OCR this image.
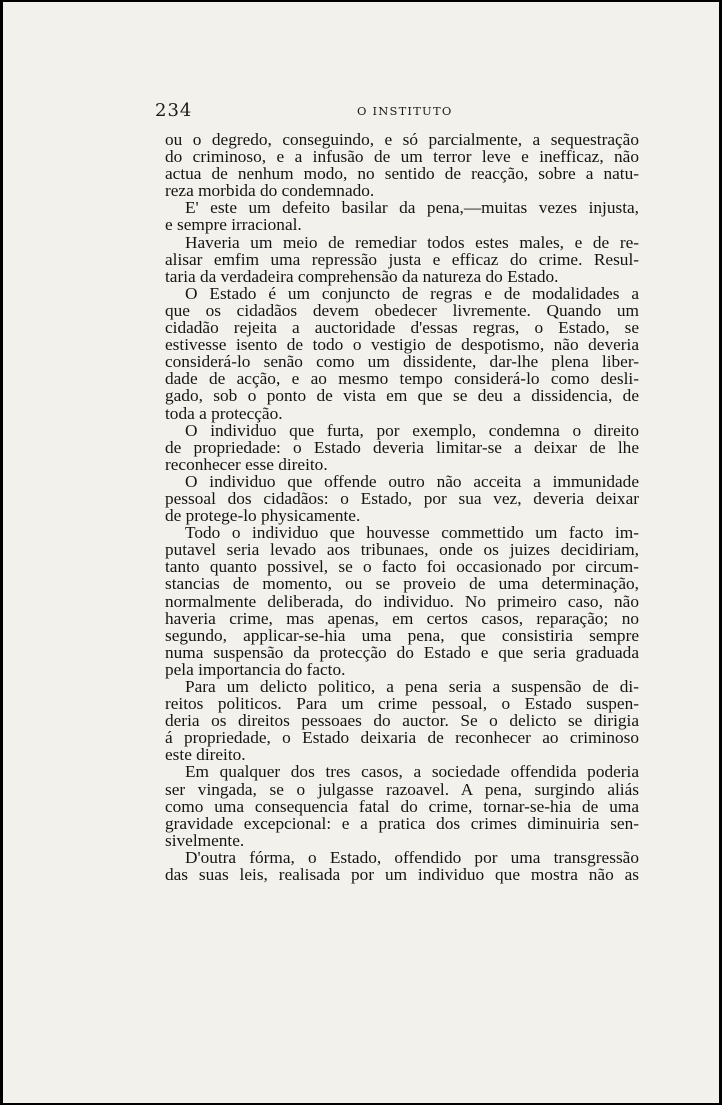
234	O INSTITUTO
ou o degredo, conseguindo, e só parcialmente, a sequestração
do criminoso, e a infusão de um terror leve e inefficaz, não
actua de nenhum modo, no sentido de reacção, sobre a natu-
reza morbida do condemnado.
E' este um defeito basilar da pena,—muitas vezes injusta,
e sempre irracional.
Haveria um meio de remediar todos estes males, e de re-
alisar emfim uma repressão justa e efficaz do crime. Resul-
taria da verdadeira comprehensão da natureza do Estado.
O Estado é um conjuncto de regras e de modalidades a
que os cidadãos devem obedecer livremente. Quando um
cidadão rejeita a auctoridade d'essas regras, o Estado, se
estivesse isento de todo o vestigio de despotismo, não deveria
considerá-lo senão como um dissidente, dar-lhe plena liber-
dade de acção, e ao mesmo tempo considerá-lo como desli-
gado, sob o ponto de vista em que se deu a dissidencia, de
toda a protecção.
O individuo que furta, por exemplo, condemna o direito
de propriedade: o Estado deveria limitar-se a deixar de lhe
reconhecer esse direito.
O individuo que offende outro não acceita a immunidade
pessoal dos cidadãos: o Estado, por sua vez, deveria deixar
de protege-lo physicamente.
Todo o individuo que houvesse commettido um facto im-
putavel seria levado aos tribunaes, onde os juizes decidiriam,
tanto quanto possivel, se o facto foi occasionado por circum-
stancias de momento, ou se proveio de uma determinação,
normalmente deliberada, do individuo. No primeiro caso, não
haveria crime, mas apenas, em certos casos, reparação; no
segundo, applicar-se-hia uma pena, que consistiria sempre
numa suspensão da protecção do Estado e que seria graduada
pela importancia do facto.
Para um delicto politico, a pena seria a suspensão de di-
reitos politicos. Para um crime pessoal, o Estado suspen-
deria os direitos pessoaes do auctor. Se o delicto se dirigia
á propriedade, o Estado deixaria de reconhecer ao criminoso
este direito.
Em qualquer dos tres casos, a sociedade offendida poderia
ser vingada, se o julgasse razoavel. A pena, surgindo aliás
como uma consequencia fatal do crime, tornar-se-hia de uma
gravidade excepcional: e a pratica dos crimes diminuiria sen-
sivelmente.
D'outra fórma, o Estado, offendido por uma transgressão
das suas leis, realisada por um individuo que mostra não as
